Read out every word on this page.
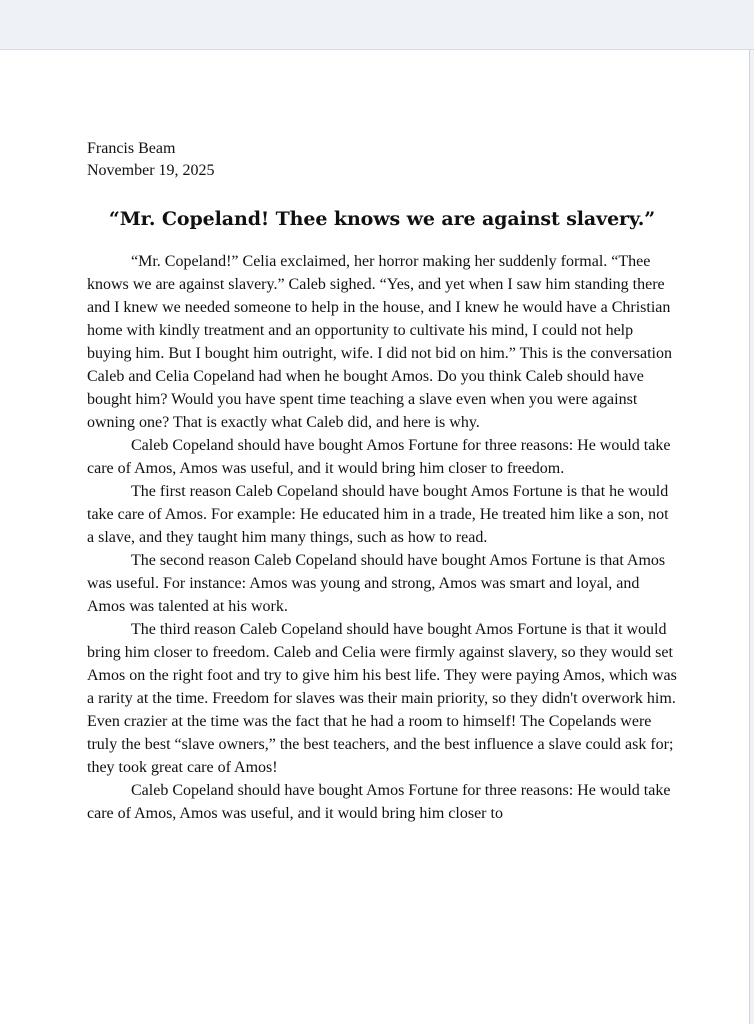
Francis Beam

November 19, 2025

“Mr. Copeland! Thee knows we are against slavery.”

“Mr. Copeland!” Celia exclaimed, her horror making her suddenly formal. “Thee knows we are against slavery.” Caleb sighed. “Yes, and yet when I saw him standing there and I knew we needed someone to help in the house, and I knew he would have a Christian home with kindly treatment and an opportunity to cultivate his mind, I could not help buying him. But I bought him outright, wife. I did not bid on him.” This is the conversation Caleb and Celia Copeland had when he bought Amos. Do you think Caleb should have bought him? Would you have spent time teaching a slave even when you were against owning one? That is exactly what Caleb did, and here is why.

Caleb Copeland should have bought Amos Fortune for three reasons: He would take care of Amos, Amos was useful, and it would bring him closer to freedom.

The first reason Caleb Copeland should have bought Amos Fortune is that he would take care of Amos. For example: He educated him in a trade, He treated him like a son, not a slave, and they taught him many things, such as how to read.

The second reason Caleb Copeland should have bought Amos Fortune is that Amos was useful. For instance: Amos was young and strong, Amos was smart and loyal, and Amos was talented at his work.

The third reason Caleb Copeland should have bought Amos Fortune is that it would bring him closer to freedom. Caleb and Celia were firmly against slavery, so they would set Amos on the right foot and try to give him his best life. They were paying Amos, which was a rarity at the time. Freedom for slaves was their main priority, so they didn't overwork him. Even crazier at the time was the fact that he had a room to himself! The Copelands were truly the best “slave owners,” the best teachers, and the best influence a slave could ask for; they took great care of Amos!

Caleb Copeland should have bought Amos Fortune for three reasons: He would take care of Amos, Amos was useful, and it would bring him closer to
